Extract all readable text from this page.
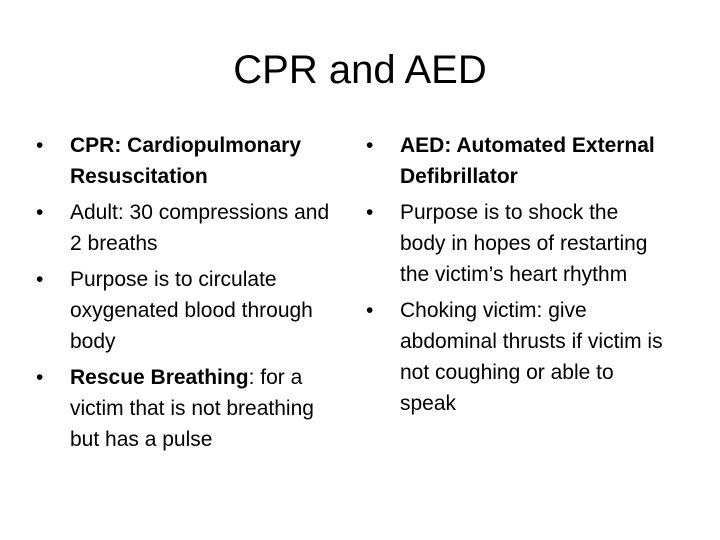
CPR and AED
• CPR: Cardiopulmonary Resuscitation
• Adult: 30 compressions and 2 breaths
• Purpose is to circulate oxygenated blood through body
• Rescue Breathing: for a victim that is not breathing but has a pulse
• AED: Automated External Defibrillator
• Purpose is to shock the body in hopes of restarting the victim’s heart rhythm
• Choking victim: give abdominal thrusts if victim is not coughing or able to speak
